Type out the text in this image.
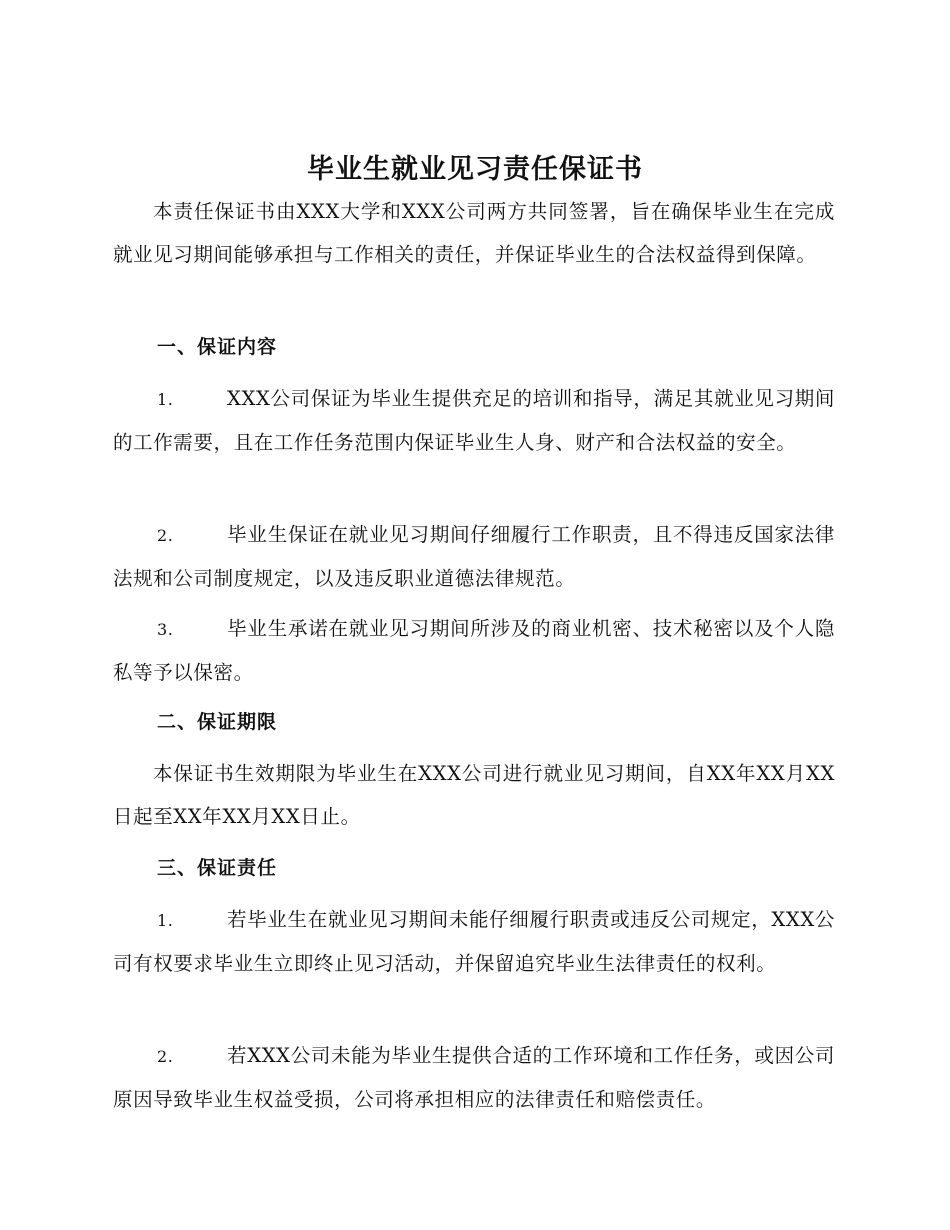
毕业生就业见习责任保证书
本责任保证书由XXX大学和XXX公司两方共同签署，旨在确保毕业生在完成就业见习期间能够承担与工作相关的责任，并保证毕业生的合法权益得到保障。
一、保证内容
1.	XXX公司保证为毕业生提供充足的培训和指导，满足其就业见习期间的工作需要，且在工作任务范围内保证毕业生人身、财产和合法权益的安全。
2.	毕业生保证在就业见习期间仔细履行工作职责，且不得违反国家法律法规和公司制度规定，以及违反职业道德法律规范。
3.	毕业生承诺在就业见习期间所涉及的商业机密、技术秘密以及个人隐私等予以保密。
二、保证期限
本保证书生效期限为毕业生在XXX公司进行就业见习期间，自XX年XX月XX日起至XX年XX月XX日止。
三、保证责任
1.	若毕业生在就业见习期间未能仔细履行职责或违反公司规定，XXX公司有权要求毕业生立即终止见习活动，并保留追究毕业生法律责任的权利。
2.	若XXX公司未能为毕业生提供合适的工作环境和工作任务，或因公司原因导致毕业生权益受损，公司将承担相应的法律责任和赔偿责任。
